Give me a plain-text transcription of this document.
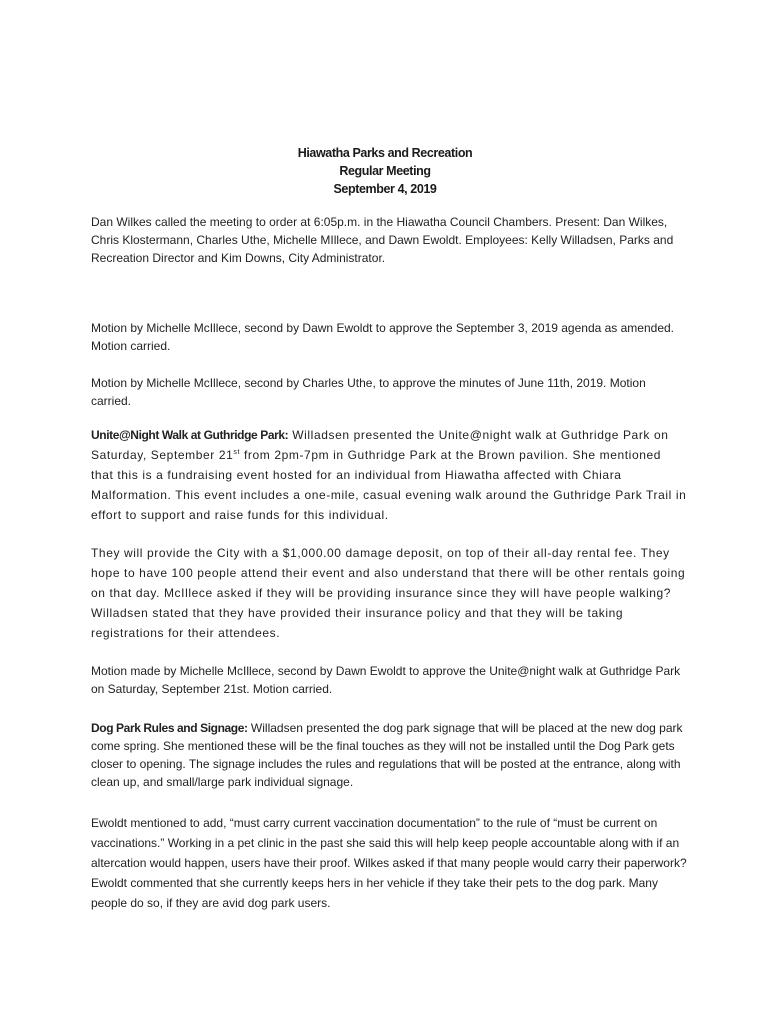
Hiawatha Parks and Recreation
Regular Meeting
September 4, 2019

Dan Wilkes called the meeting to order at 6:05p.m. in the Hiawatha Council Chambers. Present: Dan Wilkes, Chris Klostermann, Charles Uthe, Michelle MIllece, and Dawn Ewoldt. Employees: Kelly Willadsen, Parks and Recreation Director and Kim Downs, City Administrator.

Motion by Michelle McIllece, second by Dawn Ewoldt to approve the September 3, 2019 agenda as amended. Motion carried.

Motion by Michelle McIllece, second by Charles Uthe, to approve the minutes of June 11th, 2019. Motion carried.

Unite@Night Walk at Guthridge Park: Willadsen presented the Unite@night walk at Guthridge Park on Saturday, September 21st from 2pm-7pm in Guthridge Park at the Brown pavilion. She mentioned that this is a fundraising event hosted for an individual from Hiawatha affected with Chiara Malformation. This event includes a one-mile, casual evening walk around the Guthridge Park Trail in effort to support and raise funds for this individual.

They will provide the City with a $1,000.00 damage deposit, on top of their all-day rental fee. They hope to have 100 people attend their event and also understand that there will be other rentals going on that day. McIllece asked if they will be providing insurance since they will have people walking? Willadsen stated that they have provided their insurance policy and that they will be taking registrations for their attendees.

Motion made by Michelle McIllece, second by Dawn Ewoldt to approve the Unite@night walk at Guthridge Park on Saturday, September 21st. Motion carried.

Dog Park Rules and Signage: Willadsen presented the dog park signage that will be placed at the new dog park come spring. She mentioned these will be the final touches as they will not be installed until the Dog Park gets closer to opening. The signage includes the rules and regulations that will be posted at the entrance, along with clean up, and small/large park individual signage.

Ewoldt mentioned to add, “must carry current vaccination documentation” to the rule of “must be current on vaccinations.” Working in a pet clinic in the past she said this will help keep people accountable along with if an altercation would happen, users have their proof. Wilkes asked if that many people would carry their paperwork? Ewoldt commented that she currently keeps hers in her vehicle if they take their pets to the dog park. Many people do so, if they are avid dog park users.
